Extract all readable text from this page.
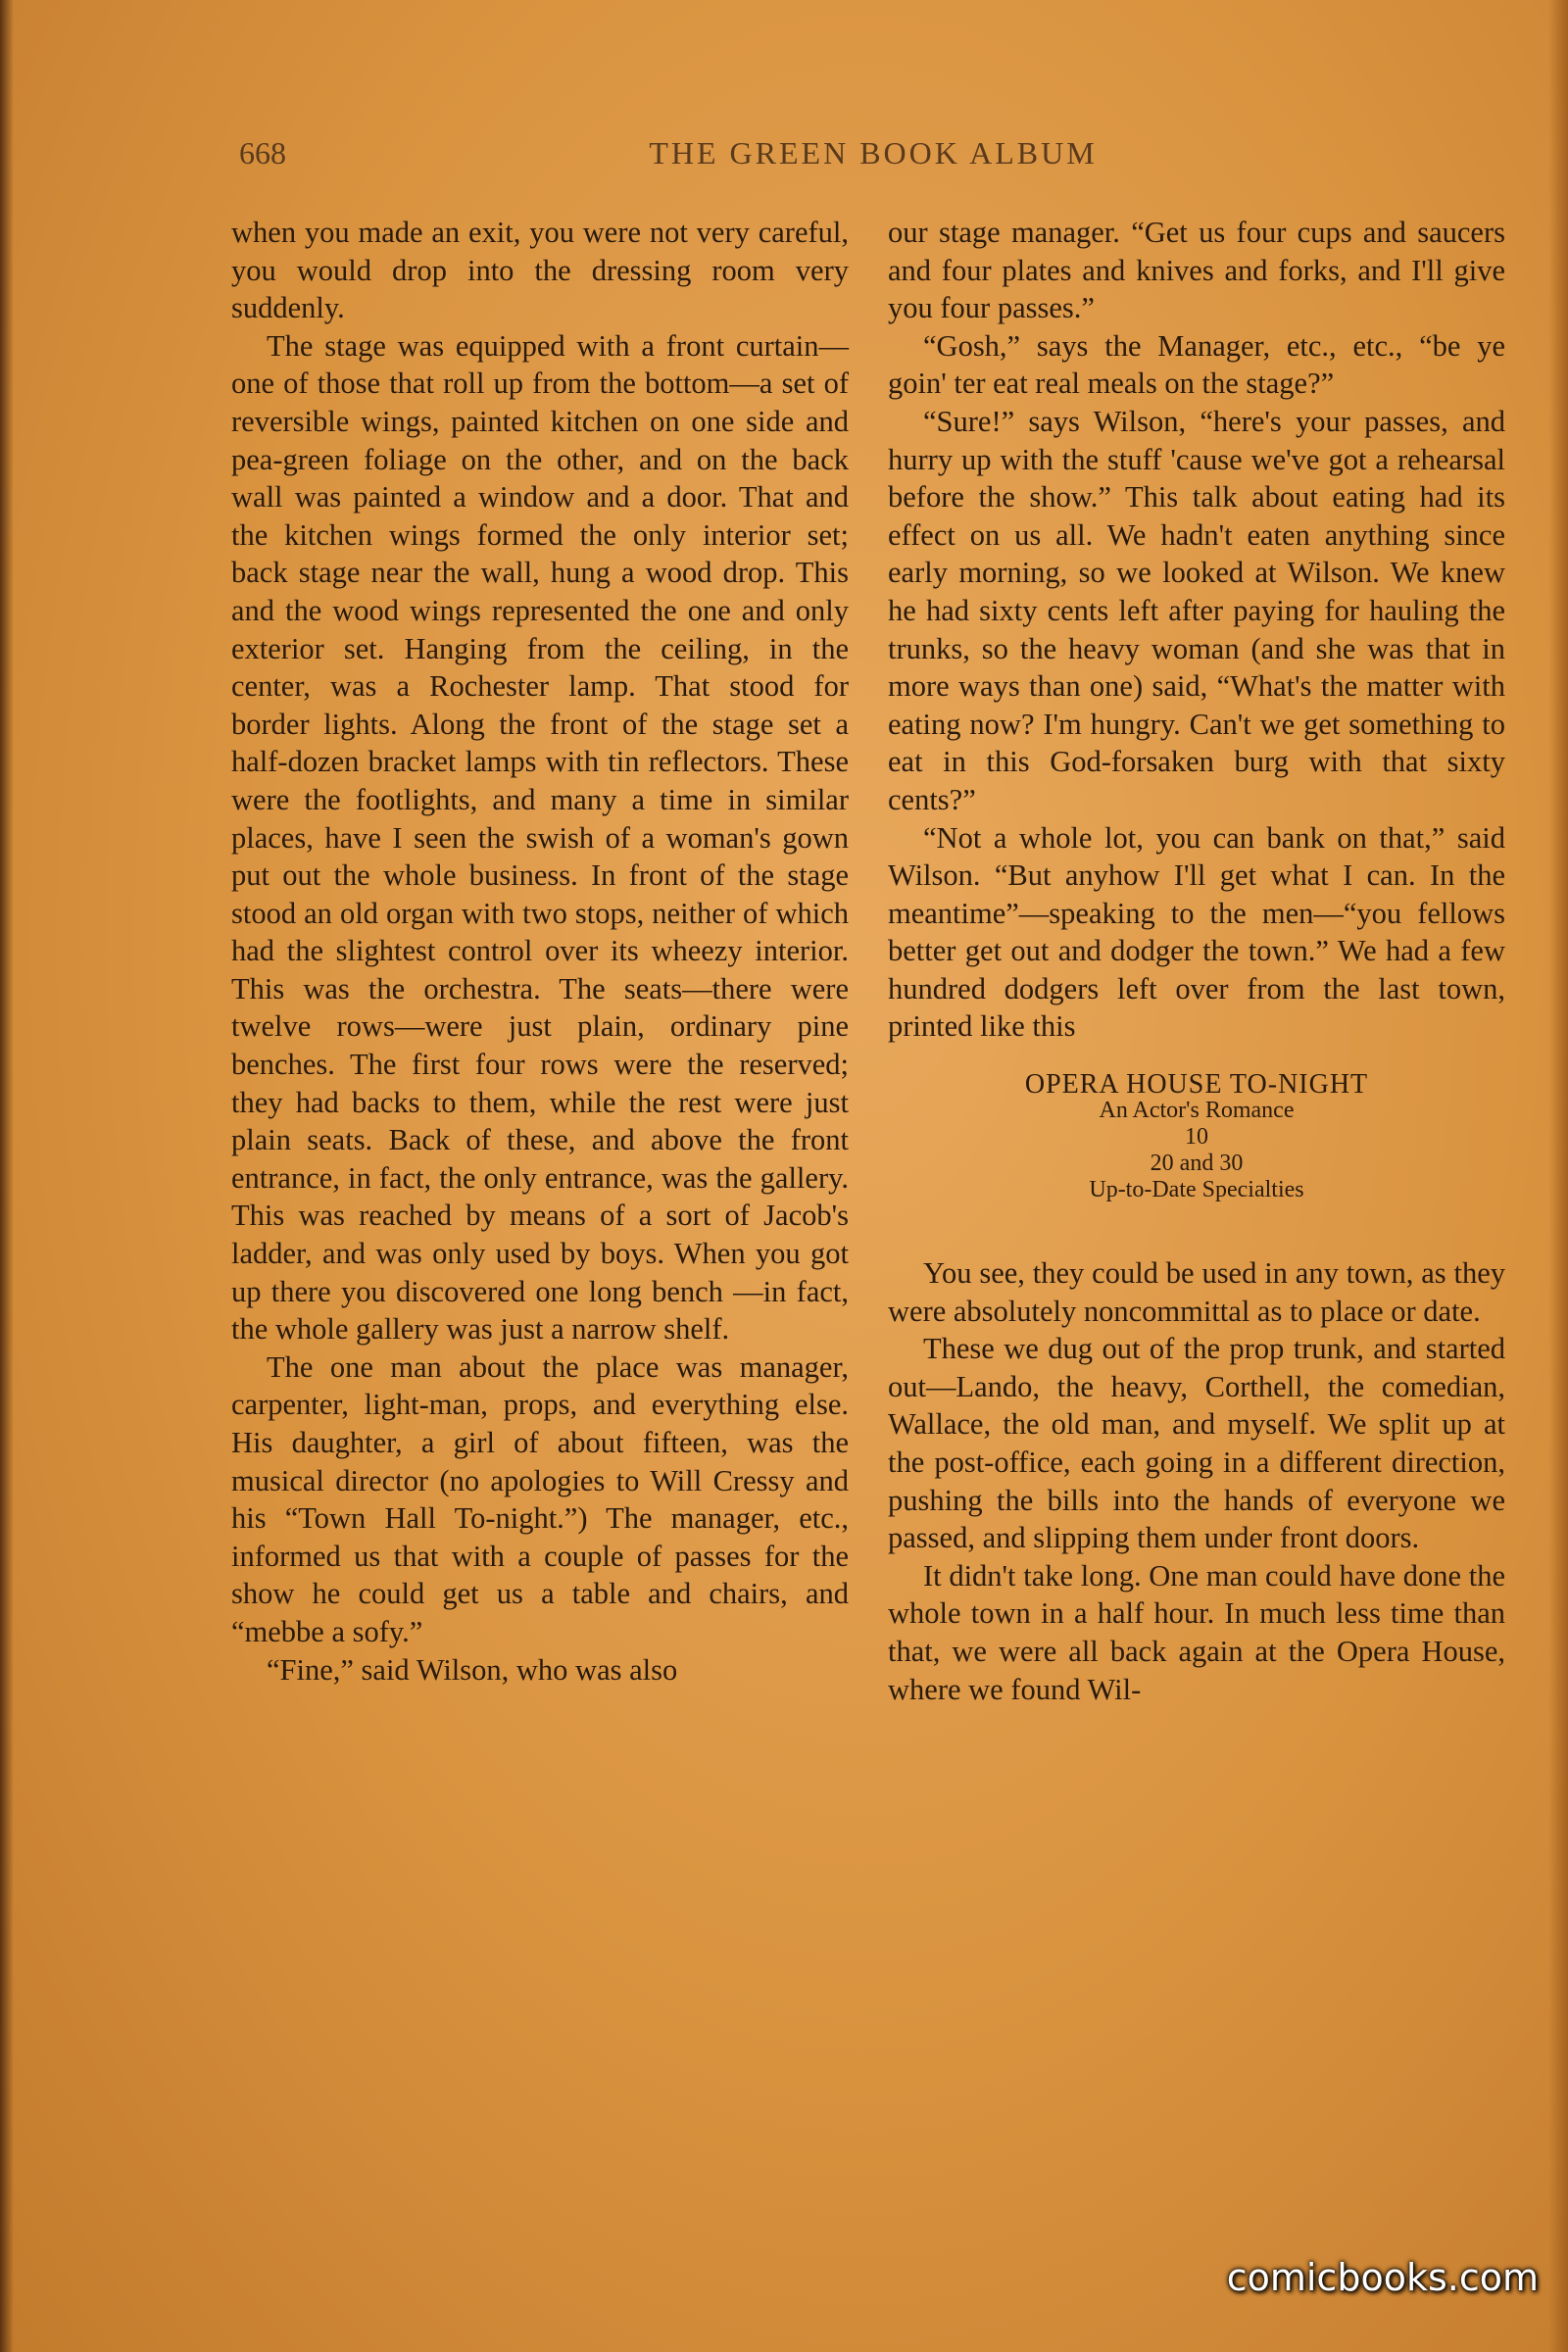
668	THE GREEN BOOK ALBUM

when you made an exit, you were not very careful, you would drop into the dressing room very suddenly.

The stage was equipped with a front curtain—one of those that roll up from the bottom—a set of reversible wings, painted kitchen on one side and pea-green foliage on the other, and on the back wall was painted a window and a door. That and the kitchen wings formed the only interior set; back stage near the wall, hung a wood drop. This and the wood wings represented the one and only exterior set. Hanging from the ceiling, in the center, was a Rochester lamp. That stood for border lights. Along the front of the stage set a half-dozen bracket lamps with tin reflectors. These were the footlights, and many a time in similar places, have I seen the swish of a woman's gown put out the whole business. In front of the stage stood an old organ with two stops, neither of which had the slightest control over its wheezy interior. This was the orchestra. The seats—there were twelve rows—were just plain, ordinary pine benches. The first four rows were the reserved; they had backs to them, while the rest were just plain seats. Back of these, and above the front entrance, in fact, the only entrance, was the gallery. This was reached by means of a sort of Jacob's ladder, and was only used by boys. When you got up there you discovered one long bench —in fact, the whole gallery was just a narrow shelf.

The one man about the place was manager, carpenter, light-man, props, and everything else. His daughter, a girl of about fifteen, was the musical director (no apologies to Will Cressy and his “Town Hall To-night.”) The manager, etc., informed us that with a couple of passes for the show he could get us a table and chairs, and “mebbe a sofy.”

“Fine,” said Wilson, who was also

our stage manager. “Get us four cups and saucers and four plates and knives and forks, and I'll give you four passes.”

“Gosh,” says the Manager, etc., etc., “be ye goin' ter eat real meals on the stage?”

“Sure!” says Wilson, “here's your passes, and hurry up with the stuff 'cause we've got a rehearsal before the show.” This talk about eating had its effect on us all. We hadn't eaten anything since early morning, so we looked at Wilson. We knew he had sixty cents left after paying for hauling the trunks, so the heavy woman (and she was that in more ways than one) said, “What's the matter with eating now? I'm hungry. Can't we get something to eat in this God-forsaken burg with that sixty cents?”

“Not a whole lot, you can bank on that,” said Wilson. “But anyhow I'll get what I can. In the meantime”—speaking to the men—“you fellows better get out and dodger the town.” We had a few hundred dodgers left over from the last town, printed like this

OPERA HOUSE TO-NIGHT
An Actor's Romance
10
20 and 30
Up-to-Date Specialties

You see, they could be used in any town, as they were absolutely noncommittal as to place or date.

These we dug out of the prop trunk, and started out—Lando, the heavy, Corthell, the comedian, Wallace, the old man, and myself. We split up at the post-office, each going in a different direction, pushing the bills into the hands of everyone we passed, and slipping them under front doors.

It didn't take long. One man could have done the whole town in a half hour. In much less time than that, we were all back again at the Opera House, where we found Wil-

comicbooks.com
